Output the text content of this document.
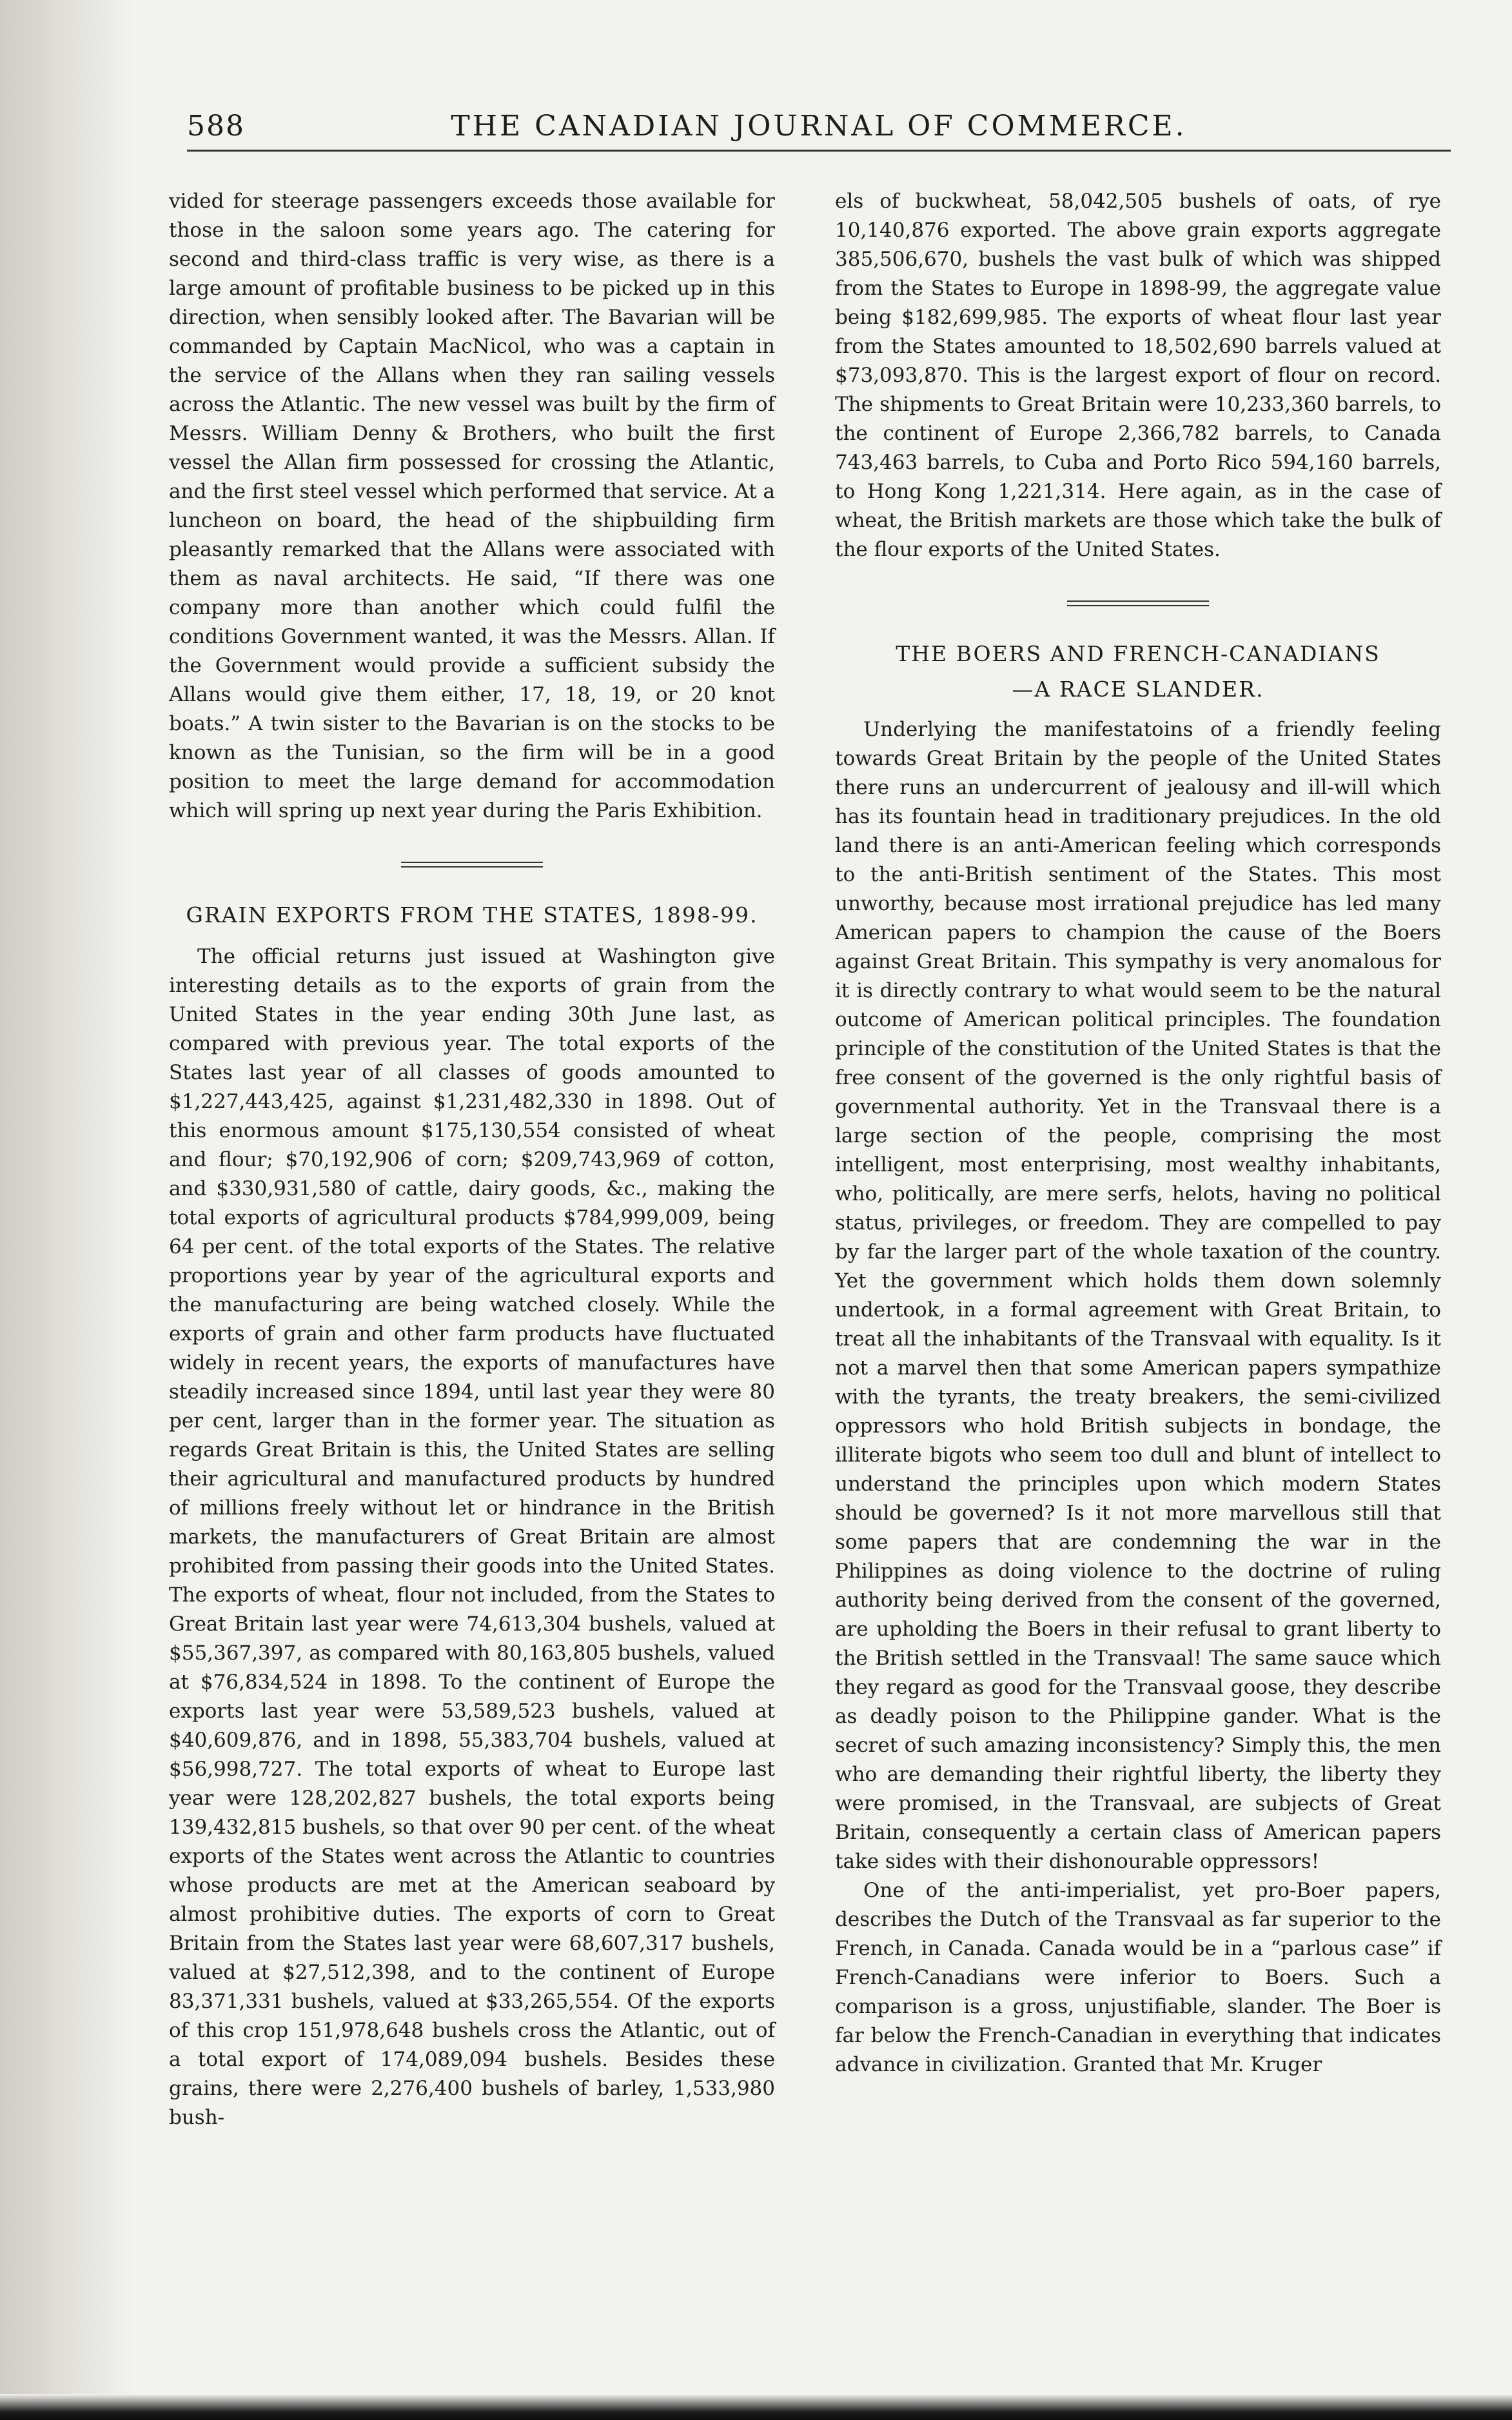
THE CANADIAN JOURNAL OF COMMERCE.
588

vided for steerage passengers exceeds those available for those in the saloon some years ago. The catering for second and third-class traffic is very wise, as there is a large amount of profitable business to be picked up in this direction, when sensibly looked after. The Bavarian will be commanded by Captain MacNicol, who was a captain in the service of the Allans when they ran sailing vessels across the Atlantic. The new vessel was built by the firm of Messrs. William Denny & Brothers, who built the first vessel the Allan firm possessed for crossing the Atlantic, and the first steel vessel which performed that service. At a luncheon on board, the head of the shipbuilding firm pleasantly remarked that the Allans were associated with them as naval architects. He said, “If there was one company more than another which could fulfil the conditions Government wanted, it was the Messrs. Allan. If the Government would provide a sufficient subsidy the Allans would give them either, 17, 18, 19, or 20 knot boats.” A twin sister to the Bavarian is on the stocks to be known as the Tunisian, so the firm will be in a good position to meet the large demand for accommodation which will spring up next year during the Paris Exhibition.

GRAIN EXPORTS FROM THE STATES, 1898-99.

The official returns just issued at Washington give interesting details as to the exports of grain from the United States in the year ending 30th June last, as compared with previous year. The total exports of the States last year of all classes of goods amounted to $1,227,443,425, against $1,231,482,330 in 1898. Out of this enormous amount $175,130,554 consisted of wheat and flour; $70,192,906 of corn; $209,743,969 of cotton, and $330,931,580 of cattle, dairy goods, &c., making the total exports of agricultural products $784,999,009, being 64 per cent. of the total exports of the States. The relative proportions year by year of the agricultural exports and the manufacturing are being watched closely. While the exports of grain and other farm products have fluctuated widely in recent years, the exports of manufactures have steadily increased since 1894, until last year they were 80 per cent, larger than in the former year. The situation as regards Great Britain is this, the United States are selling their agricultural and manufactured products by hundred of millions freely without let or hindrance in the British markets, the manufacturers of Great Britain are almost prohibited from passing their goods into the United States. The exports of wheat, flour not included, from the States to Great Britain last year were 74,613,304 bushels, valued at $55,367,397, as compared with 80,163,805 bushels, valued at $76,834,524 in 1898. To the continent of Europe the exports last year were 53,589,523 bushels, valued at $40,609,876, and in 1898, 55,383,704 bushels, valued at $56,998,727. The total exports of wheat to Europe last year were 128,202,827 bushels, the total exports being 139,432,815 bushels, so that over 90 per cent. of the wheat exports of the States went across the Atlantic to countries whose products are met at the American seaboard by almost prohibitive duties. The exports of corn to Great Britain from the States last year were 68,607,317 bushels, valued at $27,512,398, and to the continent of Europe 83,371,331 bushels, valued at $33,265,554. Of the exports of this crop 151,978,648 bushels cross the Atlantic, out of a total export of 174,089,094 bushels. Besides these grains, there were 2,276,400 bushels of barley, 1,533,980 bush-

els of buckwheat, 58,042,505 bushels of oats, of rye 10,140,876 exported. The above grain exports aggregate 385,506,670, bushels the vast bulk of which was shipped from the States to Europe in 1898-99, the aggregate value being $182,699,985. The exports of wheat flour last year from the States amounted to 18,502,690 barrels valued at $73,093,870. This is the largest export of flour on record. The shipments to Great Britain were 10,233,360 barrels, to the continent of Europe 2,366,782 barrels, to Canada 743,463 barrels, to Cuba and Porto Rico 594,160 barrels, to Hong Kong 1,221,314. Here again, as in the case of wheat, the British markets are those which take the bulk of the flour exports of the United States.

THE BOERS AND FRENCH-CANADIANS
—A RACE SLANDER.

Underlying the manifestatoins of a friendly feeling towards Great Britain by the people of the United States there runs an undercurrent of jealousy and ill-will which has its fountain head in traditionary prejudices. In the old land there is an anti-American feeling which corresponds to the anti-British sentiment of the States. This most unworthy, because most irrational prejudice has led many American papers to champion the cause of the Boers against Great Britain. This sympathy is very anomalous for it is directly contrary to what would seem to be the natural outcome of American political principles. The foundation principle of the constitution of the United States is that the free consent of the governed is the only rightful basis of governmental authority. Yet in the Transvaal there is a large section of the people, comprising the most intelligent, most enterprising, most wealthy inhabitants, who, politically, are mere serfs, helots, having no political status, privileges, or freedom. They are compelled to pay by far the larger part of the whole taxation of the country. Yet the government which holds them down solemnly undertook, in a formal agreement with Great Britain, to treat all the inhabitants of the Transvaal with equality. Is it not a marvel then that some American papers sympathize with the tyrants, the treaty breakers, the semi-civilized oppressors who hold British subjects in bondage, the illiterate bigots who seem too dull and blunt of intellect to understand the principles upon which modern States should be governed? Is it not more marvellous still that some papers that are condemning the war in the Philippines as doing violence to the doctrine of ruling authority being derived from the consent of the governed, are upholding the Boers in their refusal to grant liberty to the British settled in the Transvaal! The same sauce which they regard as good for the Transvaal goose, they describe as deadly poison to the Philippine gander. What is the secret of such amazing inconsistency? Simply this, the men who are demanding their rightful liberty, the liberty they were promised, in the Transvaal, are subjects of Great Britain, consequently a certain class of American papers take sides with their dishonourable oppressors!

One of the anti-imperialist, yet pro-Boer papers, describes the Dutch of the Transvaal as far superior to the French, in Canada. Canada would be in a “parlous case” if French-Canadians were inferior to Boers. Such a comparison is a gross, unjustifiable, slander. The Boer is far below the French-Canadian in everything that indicates advance in civilization. Granted that Mr. Kruger
